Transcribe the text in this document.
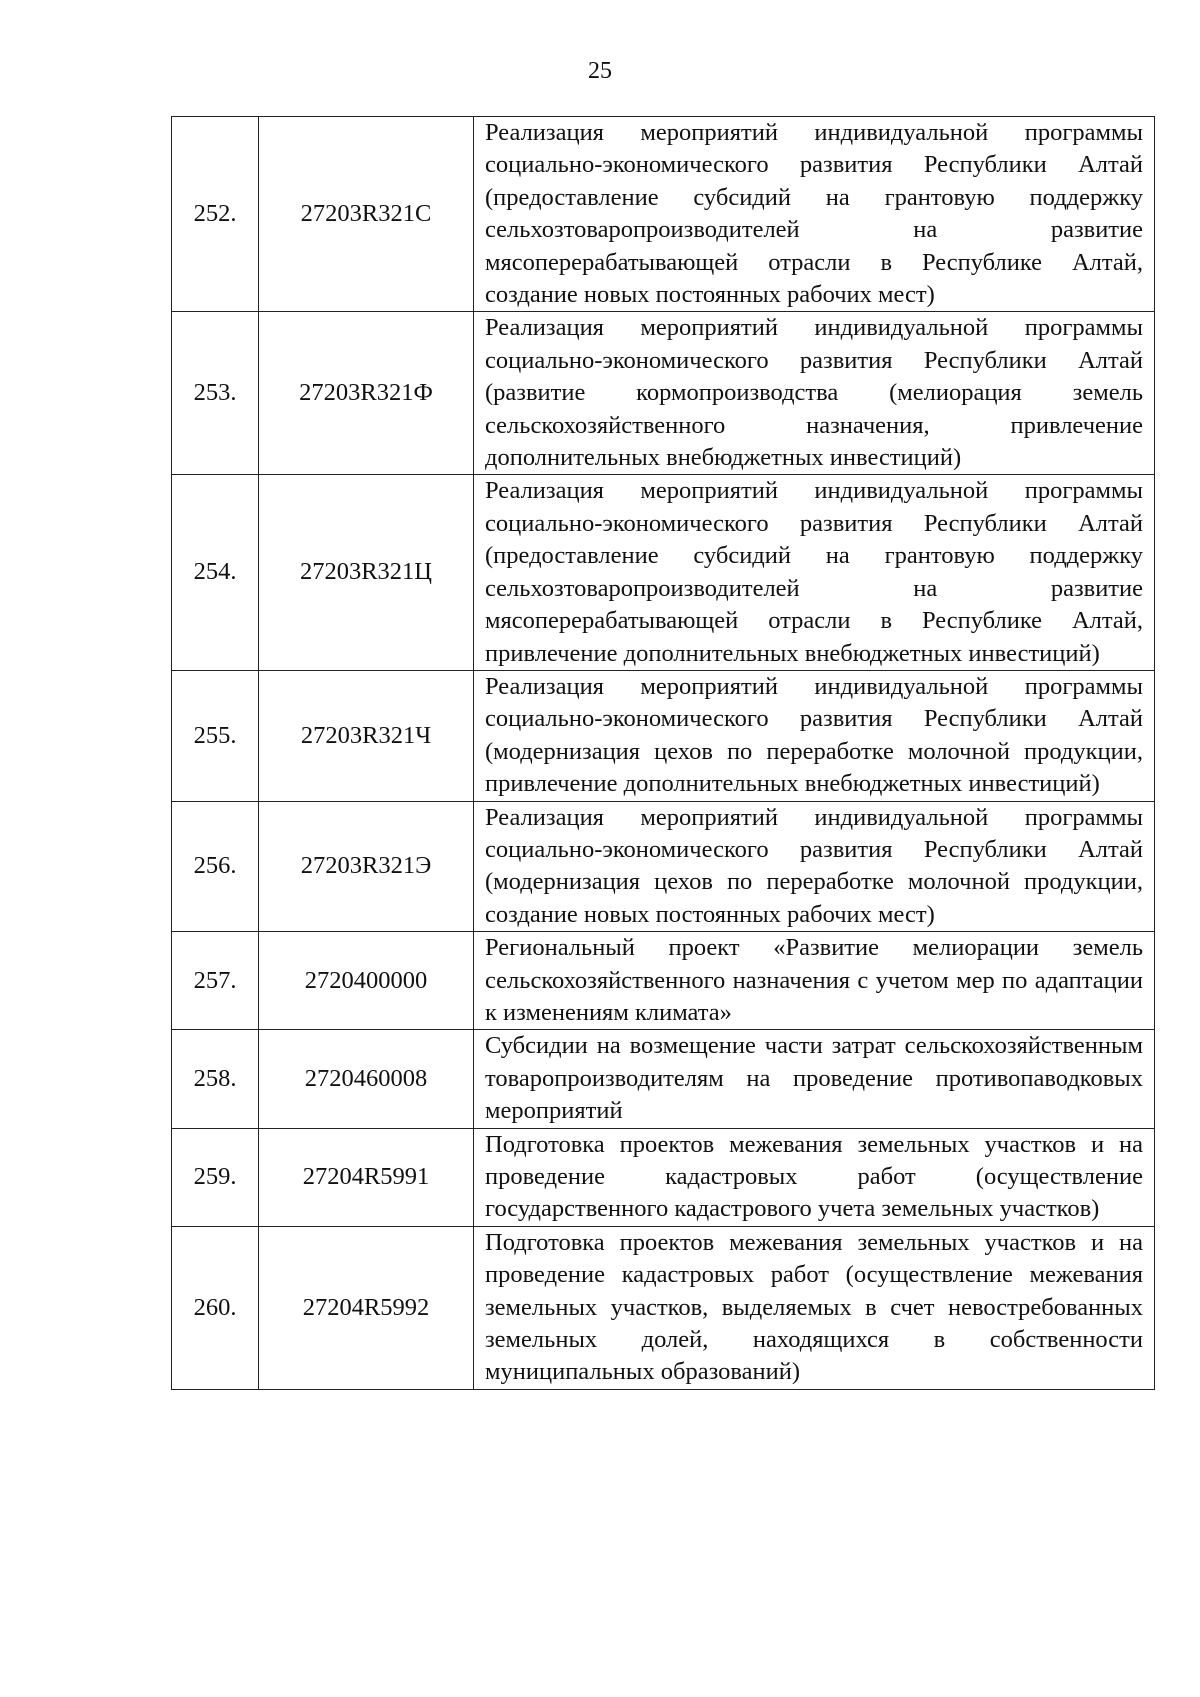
25
252.	27203R321С	Реализация мероприятий индивидуальной программы социально-экономического развития Республики Алтай (предоставление субсидий на грантовую поддержку сельхозтоваропроизводителей на развитие мясоперерабатывающей отрасли в Республике Алтай, создание новых постоянных рабочих мест)
253.	27203R321Ф	Реализация мероприятий индивидуальной программы социально-экономического развития Республики Алтай (развитие кормопроизводства (мелиорация земель сельскохозяйственного назначения, привлечение дополнительных внебюджетных инвестиций)
254.	27203R321Ц	Реализация мероприятий индивидуальной программы социально-экономического развития Республики Алтай (предоставление субсидий на грантовую поддержку сельхозтоваропроизводителей на развитие мясоперерабатывающей отрасли в Республике Алтай, привлечение дополнительных внебюджетных инвестиций)
255.	27203R321Ч	Реализация мероприятий индивидуальной программы социально-экономического развития Республики Алтай (модернизация цехов по переработке молочной продукции, привлечение дополнительных внебюджетных инвестиций)
256.	27203R321Э	Реализация мероприятий индивидуальной программы социально-экономического развития Республики Алтай (модернизация цехов по переработке молочной продукции, создание новых постоянных рабочих мест)
257.	2720400000	Региональный проект «Развитие мелиорации земель сельскохозяйственного назначения с учетом мер по адаптации к изменениям климата»
258.	2720460008	Субсидии на возмещение части затрат сельскохозяйственным товаропроизводителям на проведение противопаводковых мероприятий
259.	27204R5991	Подготовка проектов межевания земельных участков и на проведение кадастровых работ (осуществление государственного кадастрового учета земельных участков)
260.	27204R5992	Подготовка проектов межевания земельных участков и на проведение кадастровых работ (осуществление межевания земельных участков, выделяемых в счет невостребованных земельных долей, находящихся в собственности муниципальных образований)
